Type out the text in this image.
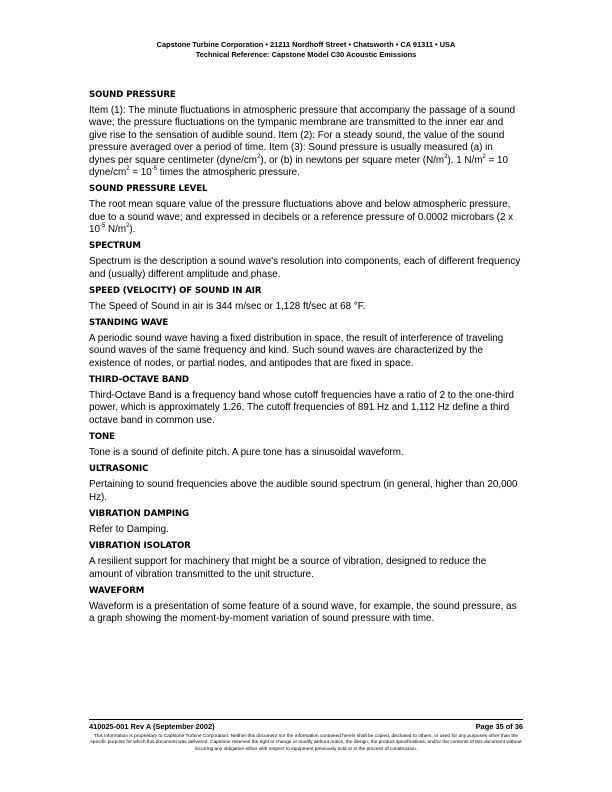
Capstone Turbine Corporation • 21211 Nordhoff Street • Chatsworth • CA 91311 • USA
Technical Reference: Capstone Model C30 Acoustic Emissions
SOUND PRESSURE
Item (1): The minute fluctuations in atmospheric pressure that accompany the passage of a sound wave; the pressure fluctuations on the tympanic membrane are transmitted to the inner ear and give rise to the sensation of audible sound. Item (2): For a steady sound, the value of the sound pressure averaged over a period of time. Item (3): Sound pressure is usually measured (a) in dynes per square centimeter $(dyne/cm^2)$, or (b) in newtons per square meter $(N/m^2)$. 1 $N/m^2 = 10$ dyne/$cm^2 = 10^{-5}$ times the atmospheric pressure.
SOUND PRESSURE LEVEL
The root mean square value of the pressure fluctuations above and below atmospheric pressure, due to a sound wave; and expressed in decibels or a reference pressure of 0.0002 microbars (2 x $10^{-5}$ $N/m^2$).
SPECTRUM
Spectrum is the description a sound wave's resolution into components, each of different frequency and (usually) different amplitude and phase.
SPEED (VELOCITY) OF SOUND IN AIR
The Speed of Sound in air is 344 m/sec or 1,128 ft/sec at 68 °F.
STANDING WAVE
A periodic sound wave having a fixed distribution in space, the result of interference of traveling sound waves of the same frequency and kind. Such sound waves are characterized by the existence of nodes, or partial nodes, and antipodes that are fixed in space.
THIRD-OCTAVE BAND
Third-Octave Band is a frequency band whose cutoff frequencies have a ratio of 2 to the one-third power, which is approximately 1.26. The cutoff frequencies of 891 Hz and 1,112 Hz define a third octave band in common use.
TONE
Tone is a sound of definite pitch. A pure tone has a sinusoidal waveform.
ULTRASONIC
Pertaining to sound frequencies above the audible sound spectrum (in general, higher than 20,000 Hz).
VIBRATION DAMPING
Refer to Damping.
VIBRATION ISOLATOR
A resilient support for machinery that might be a source of vibration, designed to reduce the amount of vibration transmitted to the unit structure.
WAVEFORM
Waveform is a presentation of some feature of a sound wave, for example, the sound pressure, as a graph showing the moment-by-moment variation of sound pressure with time.
410025-001 Rev A (September 2002)	Page 35 of 36
This information is proprietary to Capstone Turbine Corporation. Neither this document nor the information contained herein shall be copied, disclosed to others, or used for any purposes other than the specific purpose for which this document was delivered. Capstone reserves the right to change or modify without notice, the design, the product specifications, and/or the contents of this document without incurring any obligation either with respect to equipment previously sold or in the process of construction.
